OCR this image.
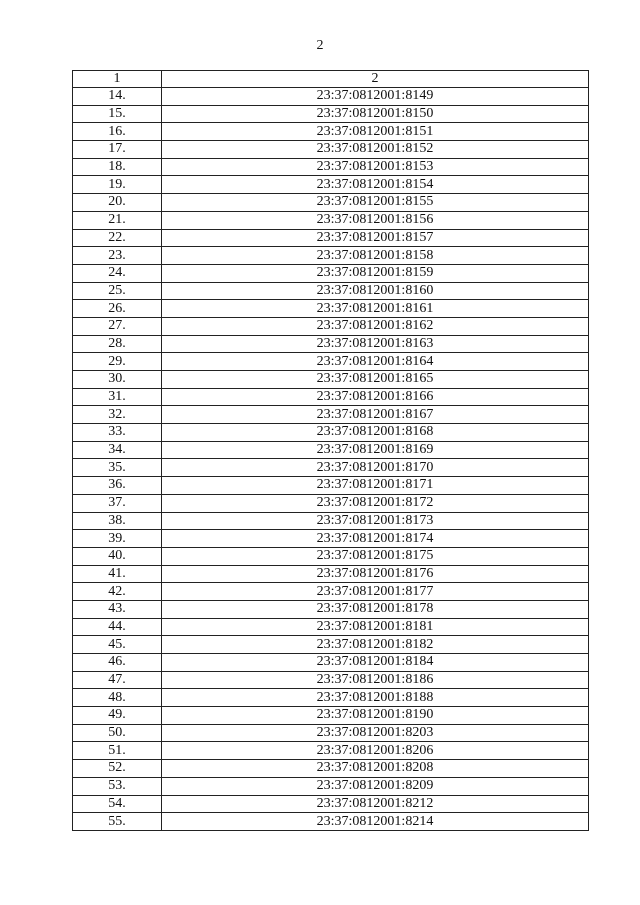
2
1	2
14.	23:37:0812001:8149
15.	23:37:0812001:8150
16.	23:37:0812001:8151
17.	23:37:0812001:8152
18.	23:37:0812001:8153
19.	23:37:0812001:8154
20.	23:37:0812001:8155
21.	23:37:0812001:8156
22.	23:37:0812001:8157
23.	23:37:0812001:8158
24.	23:37:0812001:8159
25.	23:37:0812001:8160
26.	23:37:0812001:8161
27.	23:37:0812001:8162
28.	23:37:0812001:8163
29.	23:37:0812001:8164
30.	23:37:0812001:8165
31.	23:37:0812001:8166
32.	23:37:0812001:8167
33.	23:37:0812001:8168
34.	23:37:0812001:8169
35.	23:37:0812001:8170
36.	23:37:0812001:8171
37.	23:37:0812001:8172
38.	23:37:0812001:8173
39.	23:37:0812001:8174
40.	23:37:0812001:8175
41.	23:37:0812001:8176
42.	23:37:0812001:8177
43.	23:37:0812001:8178
44.	23:37:0812001:8181
45.	23:37:0812001:8182
46.	23:37:0812001:8184
47.	23:37:0812001:8186
48.	23:37:0812001:8188
49.	23:37:0812001:8190
50.	23:37:0812001:8203
51.	23:37:0812001:8206
52.	23:37:0812001:8208
53.	23:37:0812001:8209
54.	23:37:0812001:8212
55.	23:37:0812001:8214
